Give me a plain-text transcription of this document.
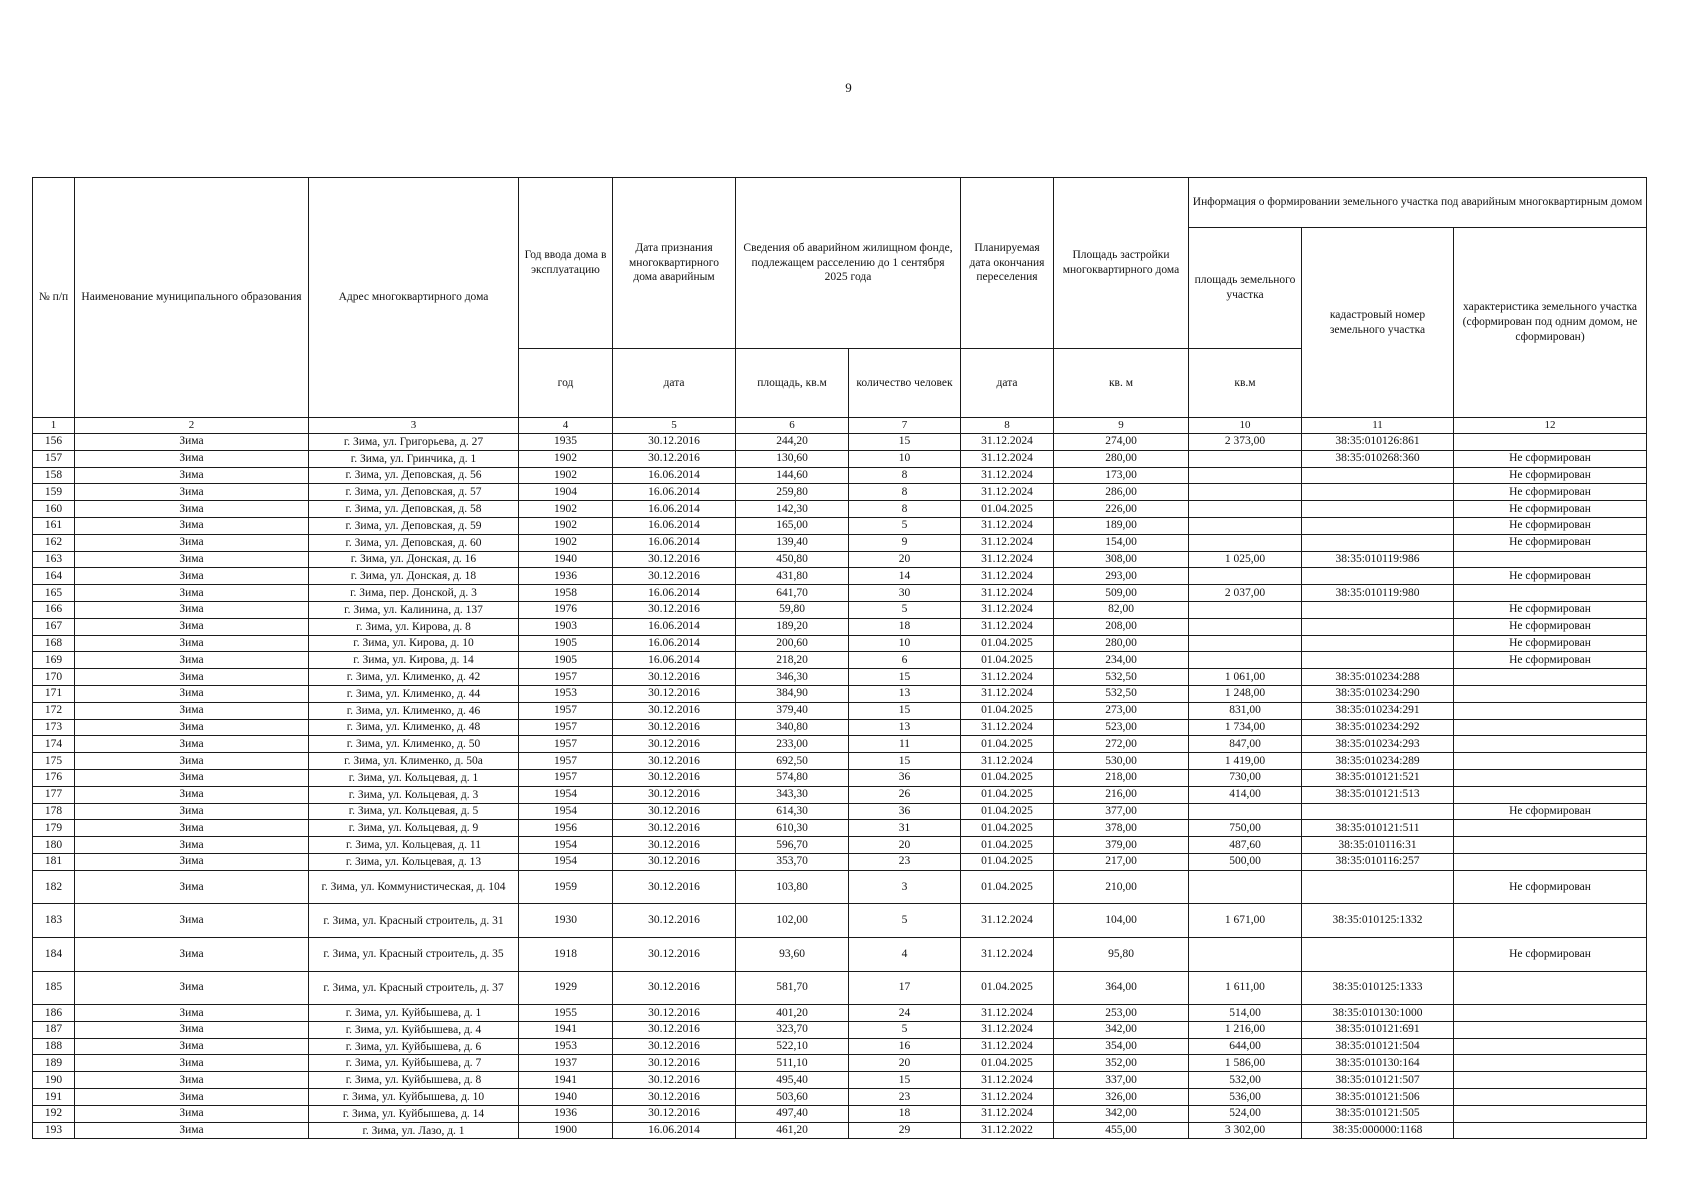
9
№ п/п	Наименование муниципального образования	Адрес многоквартирного дома	Год ввода дома в эксплуатацию	Дата признания многоквартирного дома аварийным	Сведения об аварийном жилищном фонде, подлежащем расселению до 1 сентября 2025 года		Планируемая дата окончания переселения	Площадь застройки многоквартирного дома	Информация о формировании земельного участка под аварийным многоквартирным домом		
									площадь земельного участка	кадастровый номер земельного участка	характеристика земельного участка (сформирован под одним домом, не сформирован)
			год	дата	площадь, кв.м	количество человек	дата	кв. м	кв.м		
1	2	3	4	5	6	7	8	9	10	11	12
156	Зима	г. Зима, ул. Григорьева, д. 27	1935	30.12.2016	244,20	15	31.12.2024	274,00	2 373,00	38:35:010126:861	
157	Зима	г. Зима, ул. Гринчика, д. 1	1902	30.12.2016	130,60	10	31.12.2024	280,00		38:35:010268:360	Не сформирован
158	Зима	г. Зима, ул. Деповская, д. 56	1902	16.06.2014	144,60	8	31.12.2024	173,00			Не сформирован
159	Зима	г. Зима, ул. Деповская, д. 57	1904	16.06.2014	259,80	8	31.12.2024	286,00			Не сформирован
160	Зима	г. Зима, ул. Деповская, д. 58	1902	16.06.2014	142,30	8	01.04.2025	226,00			Не сформирован
161	Зима	г. Зима, ул. Деповская, д. 59	1902	16.06.2014	165,00	5	31.12.2024	189,00			Не сформирован
162	Зима	г. Зима, ул. Деповская, д. 60	1902	16.06.2014	139,40	9	31.12.2024	154,00			Не сформирован
163	Зима	г. Зима, ул. Донская, д. 16	1940	30.12.2016	450,80	20	31.12.2024	308,00	1 025,00	38:35:010119:986	
164	Зима	г. Зима, ул. Донская, д. 18	1936	30.12.2016	431,80	14	31.12.2024	293,00			Не сформирован
165	Зима	г. Зима, пер. Донской, д. 3	1958	16.06.2014	641,70	30	31.12.2024	509,00	2 037,00	38:35:010119:980	
166	Зима	г. Зима, ул. Калинина, д. 137	1976	30.12.2016	59,80	5	31.12.2024	82,00			Не сформирован
167	Зима	г. Зима, ул. Кирова, д. 8	1903	16.06.2014	189,20	18	31.12.2024	208,00			Не сформирован
168	Зима	г. Зима, ул. Кирова, д. 10	1905	16.06.2014	200,60	10	01.04.2025	280,00			Не сформирован
169	Зима	г. Зима, ул. Кирова, д. 14	1905	16.06.2014	218,20	6	01.04.2025	234,00			Не сформирован
170	Зима	г. Зима, ул. Клименко, д. 42	1957	30.12.2016	346,30	15	31.12.2024	532,50	1 061,00	38:35:010234:288	
171	Зима	г. Зима, ул. Клименко, д. 44	1953	30.12.2016	384,90	13	31.12.2024	532,50	1 248,00	38:35:010234:290	
172	Зима	г. Зима, ул. Клименко, д. 46	1957	30.12.2016	379,40	15	01.04.2025	273,00	831,00	38:35:010234:291	
173	Зима	г. Зима, ул. Клименко, д. 48	1957	30.12.2016	340,80	13	31.12.2024	523,00	1 734,00	38:35:010234:292	
174	Зима	г. Зима, ул. Клименко, д. 50	1957	30.12.2016	233,00	11	01.04.2025	272,00	847,00	38:35:010234:293	
175	Зима	г. Зима, ул. Клименко, д. 50а	1957	30.12.2016	692,50	15	31.12.2024	530,00	1 419,00	38:35:010234:289	
176	Зима	г. Зима, ул. Кольцевая, д. 1	1957	30.12.2016	574,80	36	01.04.2025	218,00	730,00	38:35:010121:521	
177	Зима	г. Зима, ул. Кольцевая, д. 3	1954	30.12.2016	343,30	26	01.04.2025	216,00	414,00	38:35:010121:513	
178	Зима	г. Зима, ул. Кольцевая, д. 5	1954	30.12.2016	614,30	36	01.04.2025	377,00			Не сформирован
179	Зима	г. Зима, ул. Кольцевая, д. 9	1956	30.12.2016	610,30	31	01.04.2025	378,00	750,00	38:35:010121:511	
180	Зима	г. Зима, ул. Кольцевая, д. 11	1954	30.12.2016	596,70	20	01.04.2025	379,00	487,60	38:35:010116:31	
181	Зима	г. Зима, ул. Кольцевая, д. 13	1954	30.12.2016	353,70	23	01.04.2025	217,00	500,00	38:35:010116:257	
182	Зима	г. Зима, ул. Коммунистическая, д. 104	1959	30.12.2016	103,80	3	01.04.2025	210,00			Не сформирован
183	Зима	г. Зима, ул. Красный строитель, д. 31	1930	30.12.2016	102,00	5	31.12.2024	104,00	1 671,00	38:35:010125:1332	
184	Зима	г. Зима, ул. Красный строитель, д. 35	1918	30.12.2016	93,60	4	31.12.2024	95,80			Не сформирован
185	Зима	г. Зима, ул. Красный строитель, д. 37	1929	30.12.2016	581,70	17	01.04.2025	364,00	1 611,00	38:35:010125:1333	
186	Зима	г. Зима, ул. Куйбышева, д. 1	1955	30.12.2016	401,20	24	31.12.2024	253,00	514,00	38:35:010130:1000	
187	Зима	г. Зима, ул. Куйбышева, д. 4	1941	30.12.2016	323,70	5	31.12.2024	342,00	1 216,00	38:35:010121:691	
188	Зима	г. Зима, ул. Куйбышева, д. 6	1953	30.12.2016	522,10	16	31.12.2024	354,00	644,00	38:35:010121:504	
189	Зима	г. Зима, ул. Куйбышева, д. 7	1937	30.12.2016	511,10	20	01.04.2025	352,00	1 586,00	38:35:010130:164	
190	Зима	г. Зима, ул. Куйбышева, д. 8	1941	30.12.2016	495,40	15	31.12.2024	337,00	532,00	38:35:010121:507	
191	Зима	г. Зима, ул. Куйбышева, д. 10	1940	30.12.2016	503,60	23	31.12.2024	326,00	536,00	38:35:010121:506	
192	Зима	г. Зима, ул. Куйбышева, д. 14	1936	30.12.2016	497,40	18	31.12.2024	342,00	524,00	38:35:010121:505	
193	Зима	г. Зима, ул. Лазо, д. 1	1900	16.06.2014	461,20	29	31.12.2022	455,00	3 302,00	38:35:000000:1168	
